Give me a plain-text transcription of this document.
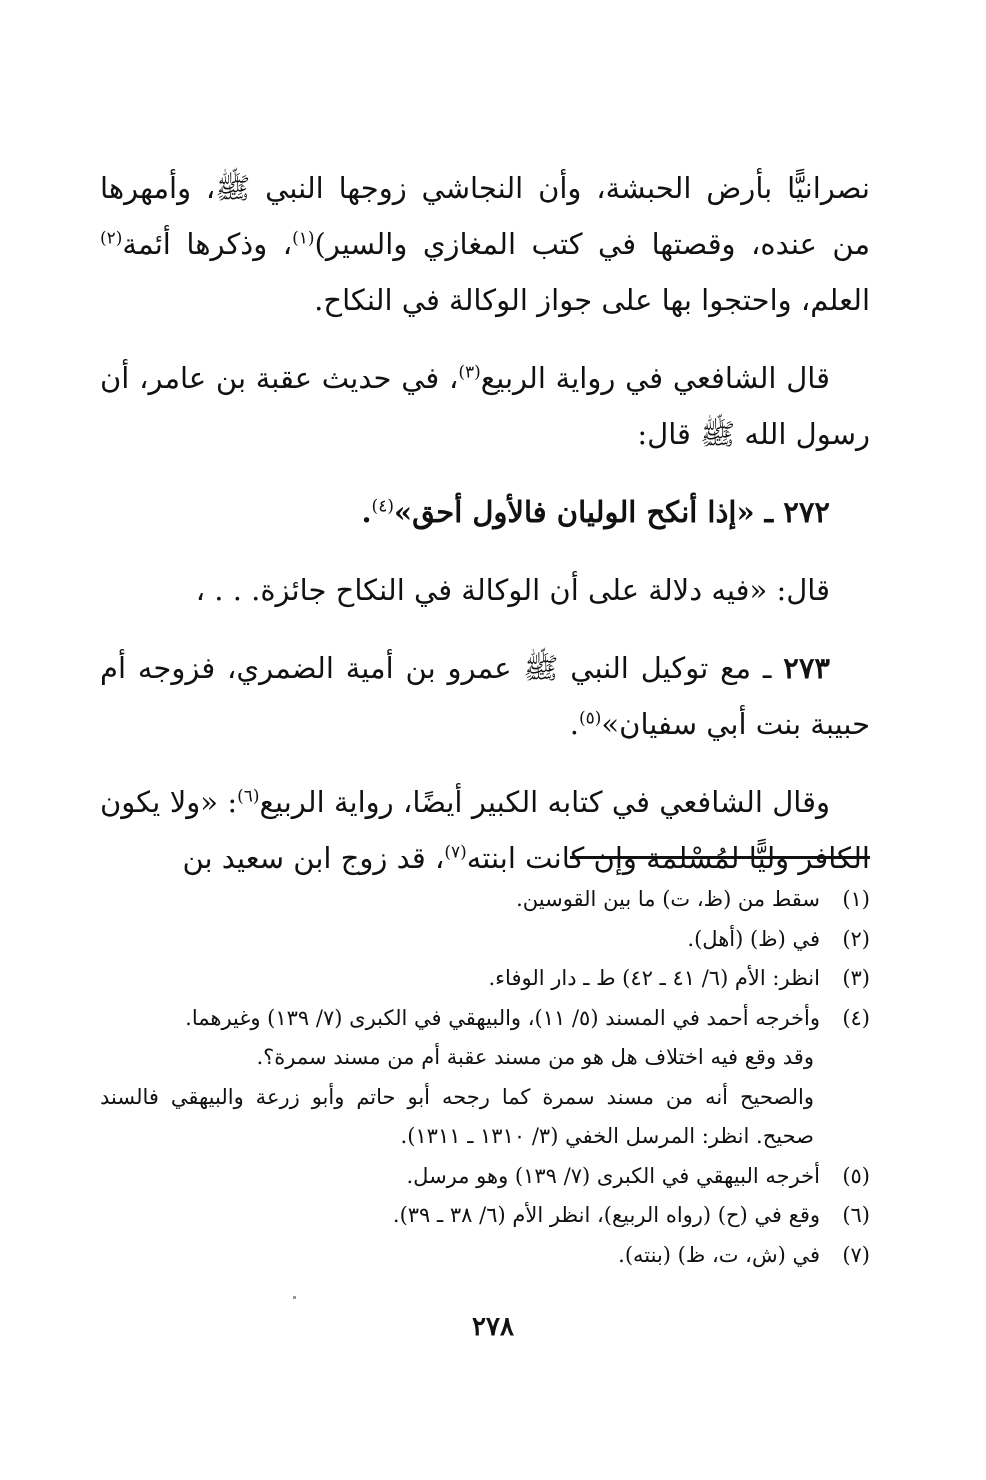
نصرانيًّا بأرض الحبشة، وأن النجاشي زوجها النبي ﷺ، وأمهرها من عنده، وقصتها في كتب المغازي والسير)$^{(١)}$، وذكرها أئمة$^{(٢)}$ العلم، واحتجوا بها على جواز الوكالة في النكاح.

قال الشافعي في رواية الربيع$^{(٣)}$، في حديث عقبة بن عامر، أن رسول الله ﷺ قال:

٢٧٢ ـ «إذا أنكح الوليان فالأول أحق»$^{(٤)}$.

قال: «فيه دلالة على أن الوكالة في النكاح جائزة. . . ،

٢٧٣ ـ مع توكيل النبي ﷺ عمرو بن أمية الضمري، فزوجه أم حبيبة بنت أبي سفيان»$^{(٥)}$.

وقال الشافعي في كتابه الكبير أيضًا، رواية الربيع$^{(٦)}$: «ولا يكون الكافر وليًّا لمُسْلمة وإن كانت ابنته$^{(٧)}$، قد زوج ابن سعيد بن

(١)
سقط من (ظ، ت) ما بين القوسين.
(٢)
في (ظ) (أهل).
(٣)
انظر: الأم (٦/ ٤١ ـ ٤٢) ط ـ دار الوفاء.
(٤)
وأخرجه أحمد في المسند (٥/ ١١)، والبيهقي في الكبرى (٧/ ١٣٩) وغيرهما.
وقد وقع فيه اختلاف هل هو من مسند عقبة أم من مسند سمرة؟.
والصحيح أنه من مسند سمرة كما رجحه أبو حاتم وأبو زرعة والبيهقي فالسند صحيح. انظر: المرسل الخفي (٣/ ١٣١٠ ـ ١٣١١).
(٥)
أخرجه البيهقي في الكبرى (٧/ ١٣٩) وهو مرسل.
(٦)
وقع في (ح) (رواه الربيع)، انظر الأم (٦/ ٣٨ ـ ٣٩).
(٧)
في (ش، ت، ظ) (بنته).
٢٧٨
